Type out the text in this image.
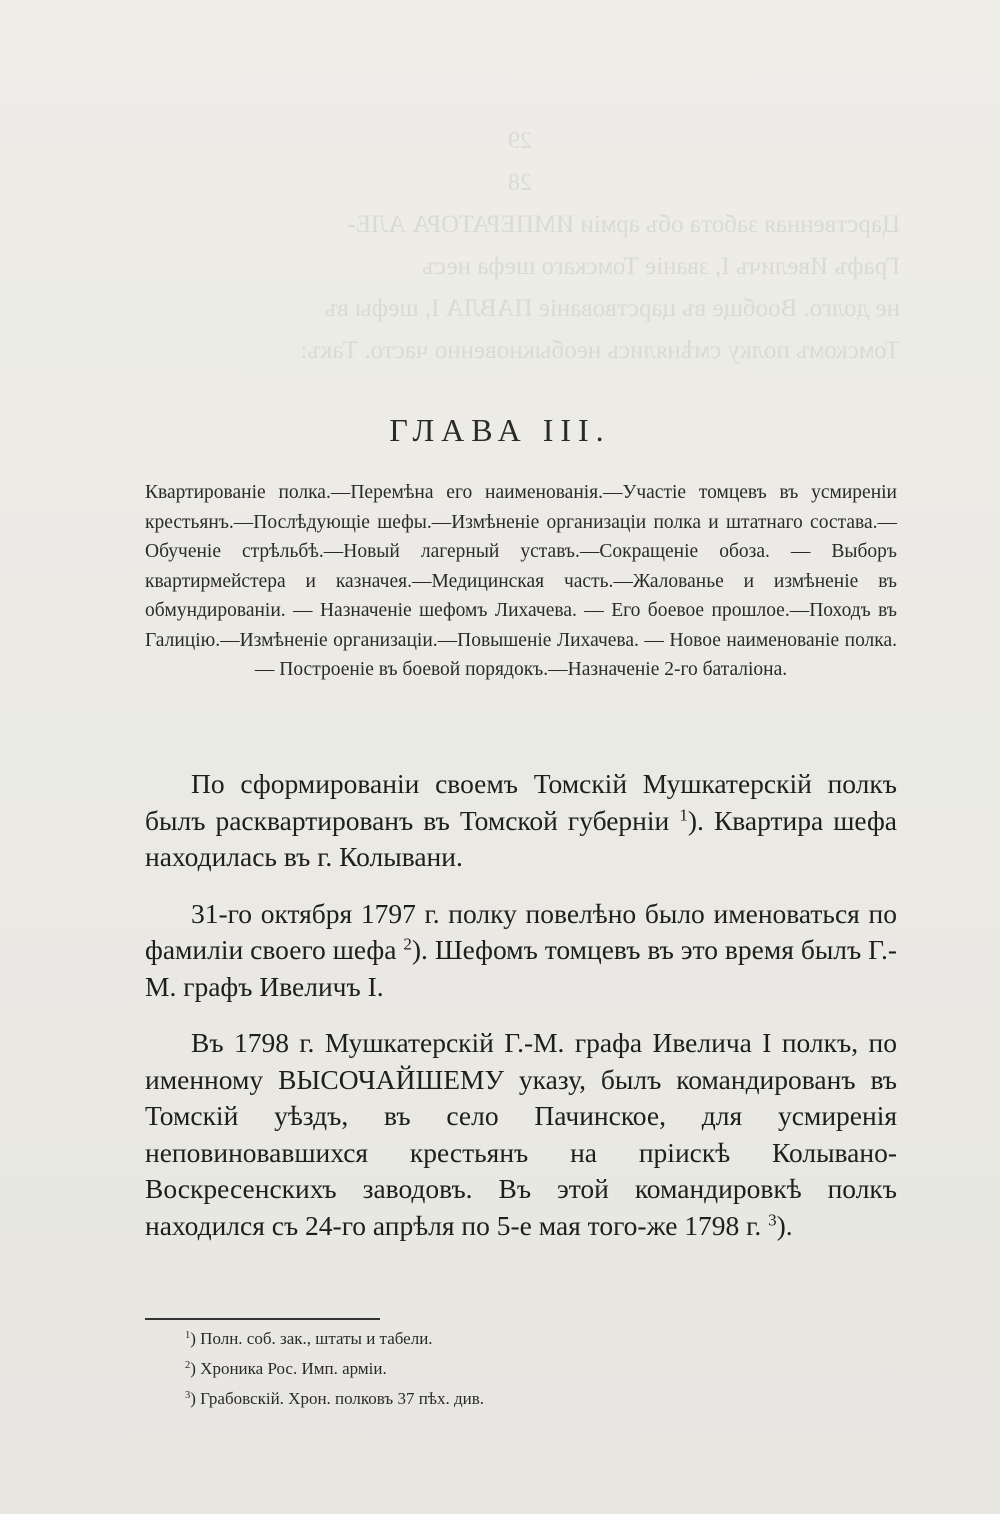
29
28

Царственная забота объ армiи ИМПЕРАТОРА АЛЕ-

Графъ Ивеличъ I, званiе Томскаго шефа несъ

не долго. Вообще въ царствованiе ПАВЛА I, шефы въ

Томскомъ полку смѣнялись необыкновенно часто. Такъ:

ГЛАВА III.
Квартированiе полка.—Перемѣна его наименованiя.—Участiе томцевъ въ усмиренiи крестьянъ.—Послѣдующiе шефы.—Измѣненiе организацiи полка и штатнаго состава.—Обученiе стрѣльбѣ.—Новый лагерный уставъ.—Сокращенiе обоза. — Выборъ квартирмейстера и казначея.—Медицинская часть.—Жалованье и измѣненiе въ обмундированiи. — Назначенiе шефомъ Лихачева. — Его боевое прошлое.—Походъ въ Галицiю.—Измѣненiе организацiи.—Повышенiе Лихачева. — Новое наименованiе полка. — Построенiе въ боевой порядокъ.—Назначенiе 2-го баталiона.

По сформированiи своемъ Томскiй Мушкатерскiй полкъ былъ расквартированъ въ Томской губернiи $^1$). Квартира шефа находилась въ г. Колывани.

31-го октября 1797 г. полку повелѣно было именоваться по фамилiи своего шефа $^2$). Шефомъ томцевъ въ это время былъ Г.-М. графъ Ивеличъ I.

Въ 1798 г. Мушкатерскiй Г.-М. графа Ивелича I полкъ, по именному ВЫСОЧАЙШЕМУ указу, былъ командированъ въ Томскiй уѣздъ, въ село Пачинское, для усмиренiя неповиновавшихся крестьянъ на прiискѣ Колывано-Воскресенскихъ заводовъ. Въ этой командировкѣ полкъ находился съ 24-го апрѣля по 5-е мая того-же 1798 г. $^3$).

$^1$) Полн. соб. зак., штаты и табели.
$^2$) Хроника Рос. Имп. армiи.
$^3$) Грабовскiй. Хрон. полковъ 37 пѣх. див.
